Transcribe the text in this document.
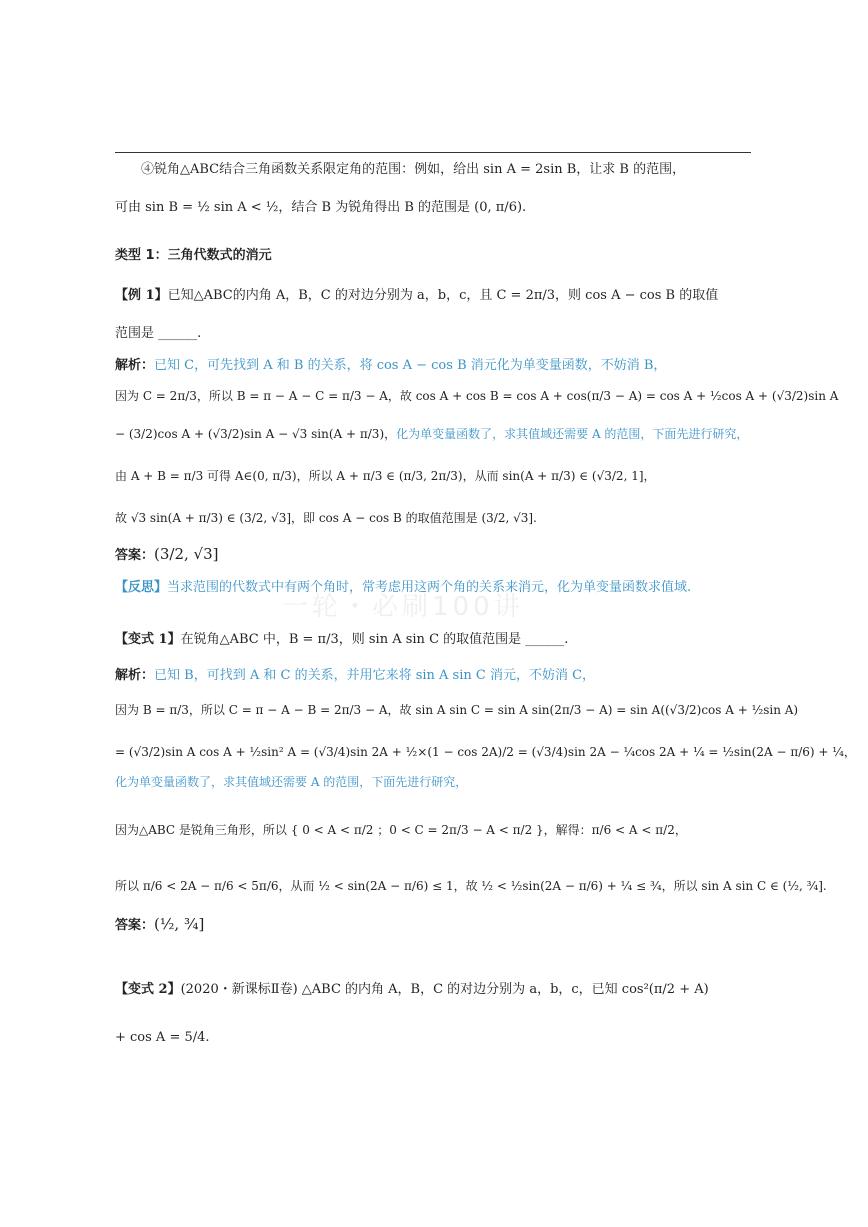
一轮・必刷100讲
④锐角△ABC结合三角函数关系限定角的范围：例如，给出 sin A = 2sin B，让求 B 的范围，
可由 sin B = ½ sin A < ½，结合 B 为锐角得出 B 的范围是 (0, π/6).
类型 1：三角代数式的消元
【例 1】已知△ABC的内角 A，B，C 的对边分别为 a，b，c，且 C = 2π/3，则 cos A − cos B 的取值
范围是 ______.
解析：已知 C，可先找到 A 和 B 的关系，将 cos A − cos B 消元化为单变量函数，不妨消 B，
因为 C = 2π/3，所以 B = π − A − C = π/3 − A，故 cos A + cos B = cos A + cos(π/3 − A) = cos A + ½cos A + (√3/2)sin A
− (3/2)cos A + (√3/2)sin A − √3 sin(A + π/3)，化为单变量函数了，求其值域还需要 A 的范围，下面先进行研究，
由 A + B = π/3 可得 A∈(0, π/3)，所以 A + π/3 ∈ (π/3, 2π/3)，从而 sin(A + π/3) ∈ (√3/2, 1]，
故 √3 sin(A + π/3) ∈ (3/2, √3]，即 cos A − cos B 的取值范围是 (3/2, √3].
答案：(3/2, √3]
【反思】当求范围的代数式中有两个角时，常考虑用这两个角的关系来消元，化为单变量函数求值域.
【变式 1】在锐角△ABC 中，B = π/3，则 sin A sin C 的取值范围是 ______.
解析：已知 B，可找到 A 和 C 的关系，并用它来将 sin A sin C 消元，不妨消 C，
因为 B = π/3，所以 C = π − A − B = 2π/3 − A，故 sin A sin C = sin A sin(2π/3 − A) = sin A((√3/2)cos A + ½sin A)
= (√3/2)sin A cos A + ½sin² A = (√3/4)sin 2A + ½×(1 − cos 2A)/2 = (√3/4)sin 2A − ¼cos 2A + ¼ = ½sin(2A − π/6) + ¼，
化为单变量函数了，求其值域还需要 A 的范围，下面先进行研究，
因为△ABC 是锐角三角形，所以 { 0 < A < π/2 ；0 < C = 2π/3 − A < π/2 }，解得：π/6 < A < π/2，
所以 π/6 < 2A − π/6 < 5π/6，从而 ½ < sin(2A − π/6) ≤ 1，故 ½ < ½sin(2A − π/6) + ¼ ≤ ¾，所以 sin A sin C ∈ (½, ¾].
答案：(½, ¾]
【变式 2】(2020・新课标Ⅱ卷) △ABC 的内角 A，B，C 的对边分别为 a，b，c，已知 cos²(π/2 + A)
+ cos A = 5/4.
